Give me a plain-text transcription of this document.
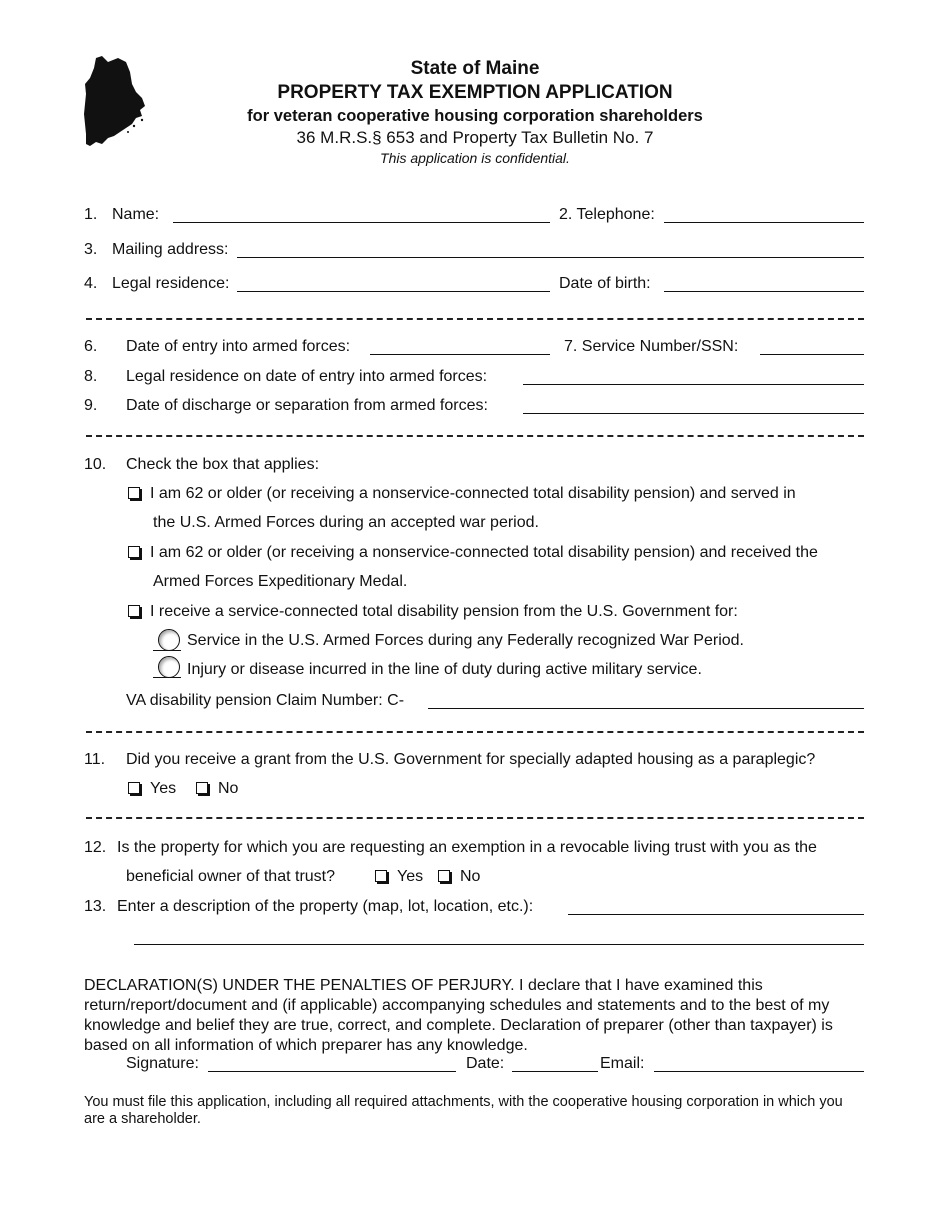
State of Maine
PROPERTY TAX EXEMPTION APPLICATION
for veteran cooperative housing corporation shareholders
36 M.R.S.§ 653 and Property Tax Bulletin No. 7
This application is confidential.
1. Name:	2. Telephone:
3. Mailing address:
4. Legal residence:	Date of birth:
6. Date of entry into armed forces:	7. Service Number/SSN:
8. Legal residence on date of entry into armed forces:
9. Date of discharge or separation from armed forces:
10. Check the box that applies:
I am 62 or older (or receiving a nonservice-connected total disability pension) and served in
the U.S. Armed Forces during an accepted war period.
I am 62 or older (or receiving a nonservice-connected total disability pension) and received the
Armed Forces Expeditionary Medal.
I receive a service-connected total disability pension from the U.S. Government for:
Service in the U.S. Armed Forces during any Federally recognized War Period.
Injury or disease incurred in the line of duty during active military service.
VA disability pension Claim Number: C-
11. Did you receive a grant from the U.S. Government for specially adapted housing as a paraplegic?
Yes	No
12. Is the property for which you are requesting an exemption in a revocable living trust with you as the
beneficial owner of that trust?	Yes	No
13. Enter a description of the property (map, lot, location, etc.):
DECLARATION(S) UNDER THE PENALTIES OF PERJURY. I declare that I have examined this return/report/document and (if applicable) accompanying schedules and statements and to the best of my knowledge and belief they are true, correct, and complete. Declaration of preparer (other than taxpayer) is based on all information of which preparer has any knowledge.
Signature:	Date:	Email:
You must file this application, including all required attachments, with the cooperative housing corporation in which you are a shareholder.
